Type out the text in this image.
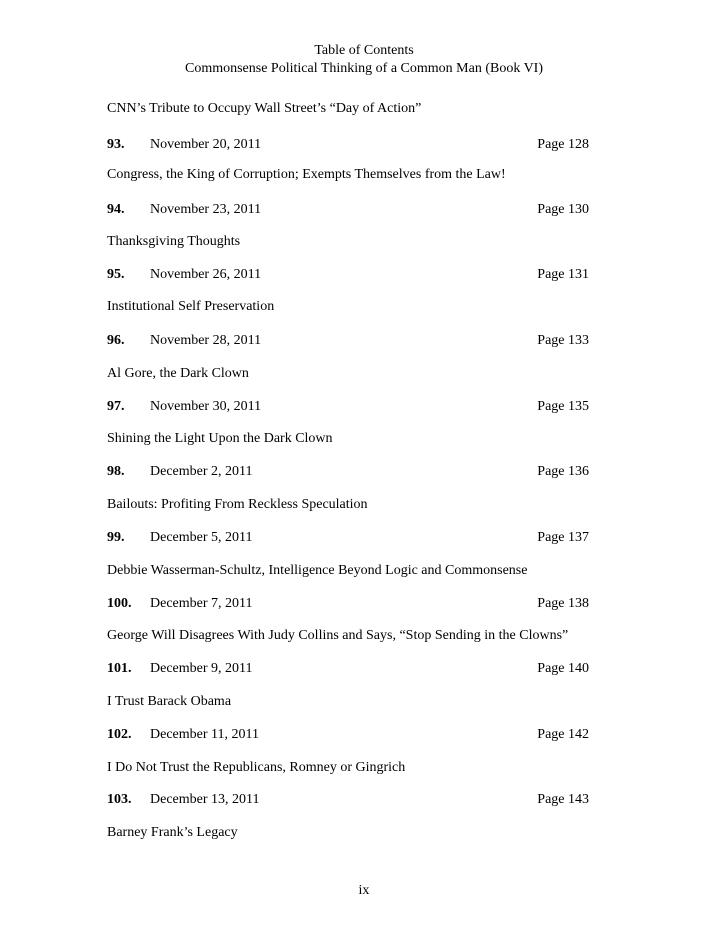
Table of Contents
Commonsense Political Thinking of a Common Man (Book VI)
CNN’s Tribute to Occupy Wall Street’s “Day of Action”
93. November 20, 2011	Page 128
Congress, the King of Corruption; Exempts Themselves from the Law!
94. November 23, 2011	Page 130
Thanksgiving Thoughts
95. November 26, 2011	Page 131
Institutional Self Preservation
96. November 28, 2011	Page 133
Al Gore, the Dark Clown
97. November 30, 2011	Page 135
Shining the Light Upon the Dark Clown
98. December 2, 2011	Page 136
Bailouts: Profiting From Reckless Speculation
99. December 5, 2011	Page 137
Debbie Wasserman-Schultz, Intelligence Beyond Logic and Commonsense
100. December 7, 2011	Page 138
George Will Disagrees With Judy Collins and Says, “Stop Sending in the Clowns”
101. December 9, 2011	Page 140
I Trust Barack Obama
102. December 11, 2011	Page 142
I Do Not Trust the Republicans, Romney or Gingrich
103. December 13, 2011	Page 143
Barney Frank’s Legacy
ix
